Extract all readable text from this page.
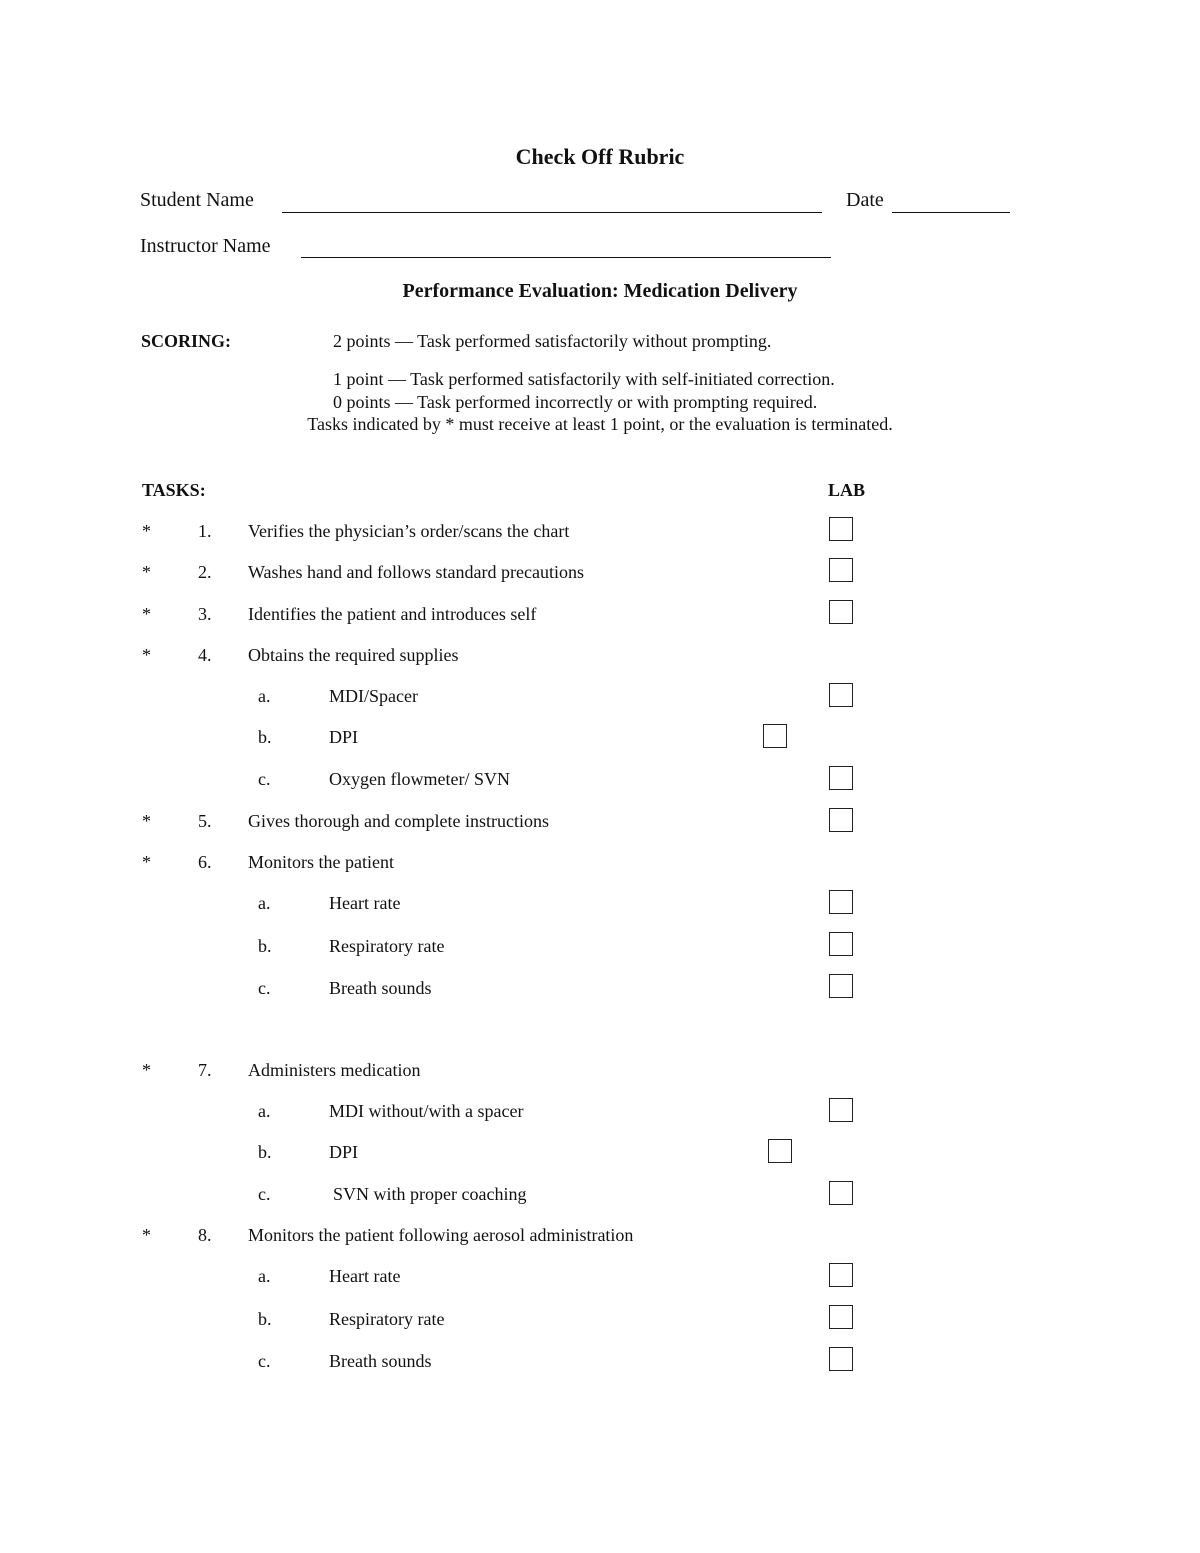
Check Off Rubric
Student Name	Date
Instructor Name
Performance Evaluation: Medication Delivery
SCORING:	2 points — Task performed satisfactorily without prompting.
1 point — Task performed satisfactorily with self-initiated correction.
0 points — Task performed incorrectly or with prompting required.
Tasks indicated by * must receive at least 1 point, or the evaluation is terminated.
TASKS:	LAB
*	1. Verifies the physician’s order/scans the chart
*	2. Washes hand and follows standard precautions
*	3. Identifies the patient and introduces self
*	4. Obtains the required supplies
a.	MDI/Spacer
b.	DPI
c.	Oxygen flowmeter/ SVN
*	5. Gives thorough and complete instructions
*	6. Monitors the patient
a.	Heart rate
b.	Respiratory rate
c.	Breath sounds
*	7. Administers medication
a.	MDI without/with a spacer
b.	DPI
c.	SVN with proper coaching
*	8. Monitors the patient following aerosol administration
a.	Heart rate
b.	Respiratory rate
c.	Breath sounds
